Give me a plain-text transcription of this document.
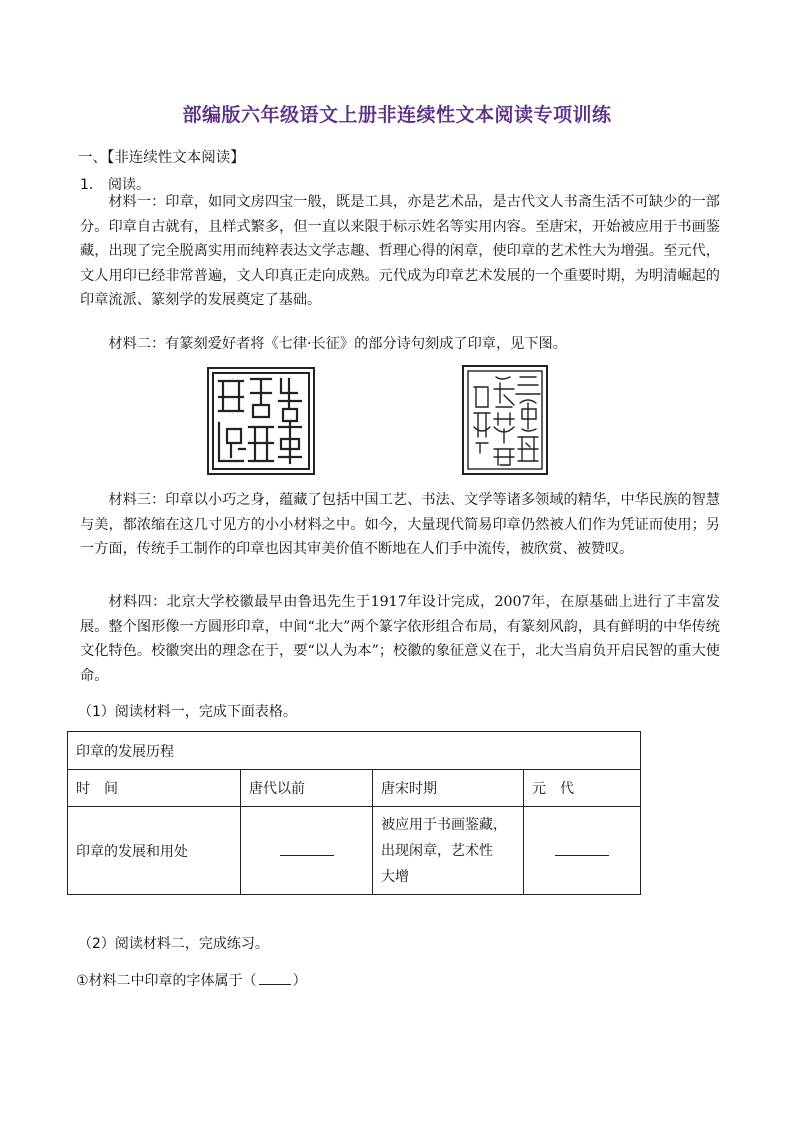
部编版六年级语文上册非连续性文本阅读专项训练
一、【非连续性文本阅读】
1． 阅读。

材料一：印章，如同文房四宝一般，既是工具，亦是艺术品，是古代文人书斋生活不可缺少的一部分。印章自古就有，且样式繁多，但一直以来限于标示姓名等实用内容。至唐宋，开始被应用于书画鉴藏，出现了完全脱离实用而纯粹表达文学志趣、哲理心得的闲章，使印章的艺术性大为增强。至元代，文人用印已经非常普遍，文人印真正走向成熟。元代成为印章艺术发展的一个重要时期，为明清崛起的印章流派、篆刻学的发展奠定了基础。

材料二：有篆刻爱好者将《七律·长征》的部分诗句刻成了印章，见下图。

材料三：印章以小巧之身，蕴藏了包括中国工艺、书法、文学等诸多领域的精华，中华民族的智慧与美，都浓缩在这几寸见方的小小材料之中。如今，大量现代简易印章仍然被人们作为凭证而使用；另一方面，传统手工制作的印章也因其审美价值不断地在人们手中流传，被欣赏、被赞叹。

材料四：北京大学校徽最早由鲁迅先生于1917年设计完成，2007年，在原基础上进行了丰富发展。整个图形像一方圆形印章，中间“北大”两个篆字依形组合布局，有篆刻风韵，具有鲜明的中华传统文化特色。校徽突出的理念在于，要“以人为本”；校徽的象征意义在于，北大当肩负开启民智的重大使命。

（1）阅读材料一，完成下面表格。
印章的发展历程			
时　间	唐代以前	唐宋时期	元　代
印章的发展和用处		被应用于书画鉴藏，
出现闲章，艺术性
大增	
（2）阅读材料二，完成练习。
①材料二中印章的字体属于（	）
